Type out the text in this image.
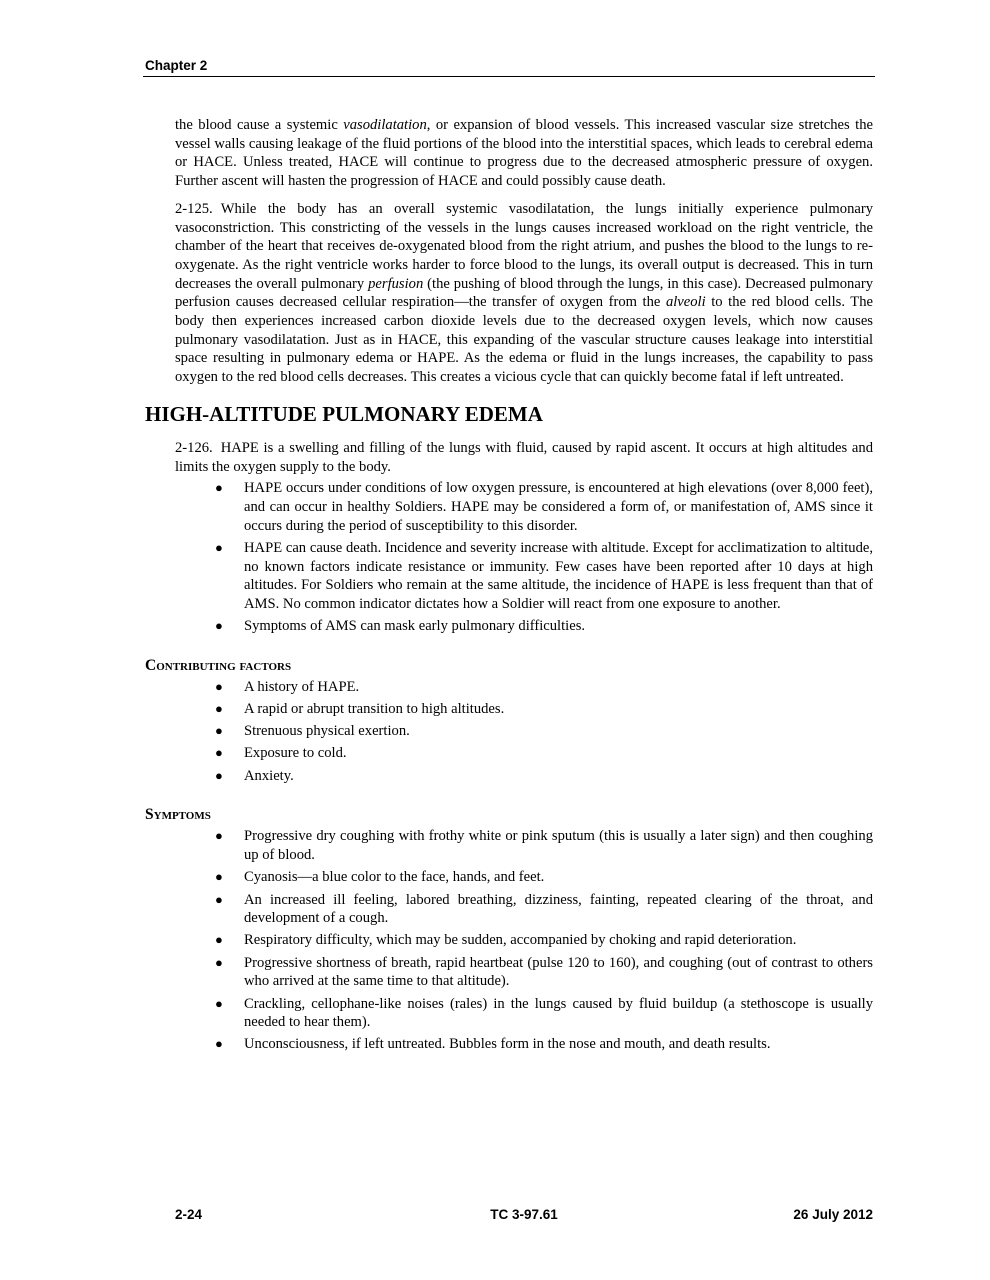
Chapter 2

the blood cause a systemic vasodilatation, or expansion of blood vessels. This increased vascular size stretches the vessel walls causing leakage of the fluid portions of the blood into the interstitial spaces, which leads to cerebral edema or HACE. Unless treated, HACE will continue to progress due to the decreased atmospheric pressure of oxygen. Further ascent will hasten the progression of HACE and could possibly cause death.

2-125. While the body has an overall systemic vasodilatation, the lungs initially experience pulmonary vasoconstriction. This constricting of the vessels in the lungs causes increased workload on the right ventricle, the chamber of the heart that receives de-oxygenated blood from the right atrium, and pushes the blood to the lungs to re-oxygenate. As the right ventricle works harder to force blood to the lungs, its overall output is decreased. This in turn decreases the overall pulmonary perfusion (the pushing of blood through the lungs, in this case). Decreased pulmonary perfusion causes decreased cellular respiration—the transfer of oxygen from the alveoli to the red blood cells. The body then experiences increased carbon dioxide levels due to the decreased oxygen levels, which now causes pulmonary vasodilatation. Just as in HACE, this expanding of the vascular structure causes leakage into interstitial space resulting in pulmonary edema or HAPE. As the edema or fluid in the lungs increases, the capability to pass oxygen to the red blood cells decreases. This creates a vicious cycle that can quickly become fatal if left untreated.

HIGH-ALTITUDE PULMONARY EDEMA

2-126. HAPE is a swelling and filling of the lungs with fluid, caused by rapid ascent. It occurs at high altitudes and limits the oxygen supply to the body.

● HAPE occurs under conditions of low oxygen pressure, is encountered at high elevations (over 8,000 feet), and can occur in healthy Soldiers. HAPE may be considered a form of, or manifestation of, AMS since it occurs during the period of susceptibility to this disorder.
● HAPE can cause death. Incidence and severity increase with altitude. Except for acclimatization to altitude, no known factors indicate resistance or immunity. Few cases have been reported after 10 days at high altitudes. For Soldiers who remain at the same altitude, the incidence of HAPE is less frequent than that of AMS. No common indicator dictates how a Soldier will react from one exposure to another.
● Symptoms of AMS can mask early pulmonary difficulties.
Contributing factors
● A history of HAPE.
● A rapid or abrupt transition to high altitudes.
● Strenuous physical exertion.
● Exposure to cold.
● Anxiety.
Symptoms
● Progressive dry coughing with frothy white or pink sputum (this is usually a later sign) and then coughing up of blood.
● Cyanosis—a blue color to the face, hands, and feet.
● An increased ill feeling, labored breathing, dizziness, fainting, repeated clearing of the throat, and development of a cough.
● Respiratory difficulty, which may be sudden, accompanied by choking and rapid deterioration.
● Progressive shortness of breath, rapid heartbeat (pulse 120 to 160), and coughing (out of contrast to others who arrived at the same time to that altitude).
● Crackling, cellophane-like noises (rales) in the lungs caused by fluid buildup (a stethoscope is usually needed to hear them).
● Unconsciousness, if left untreated. Bubbles form in the nose and mouth, and death results.
2-24	TC 3-97.61	26 July 2012
